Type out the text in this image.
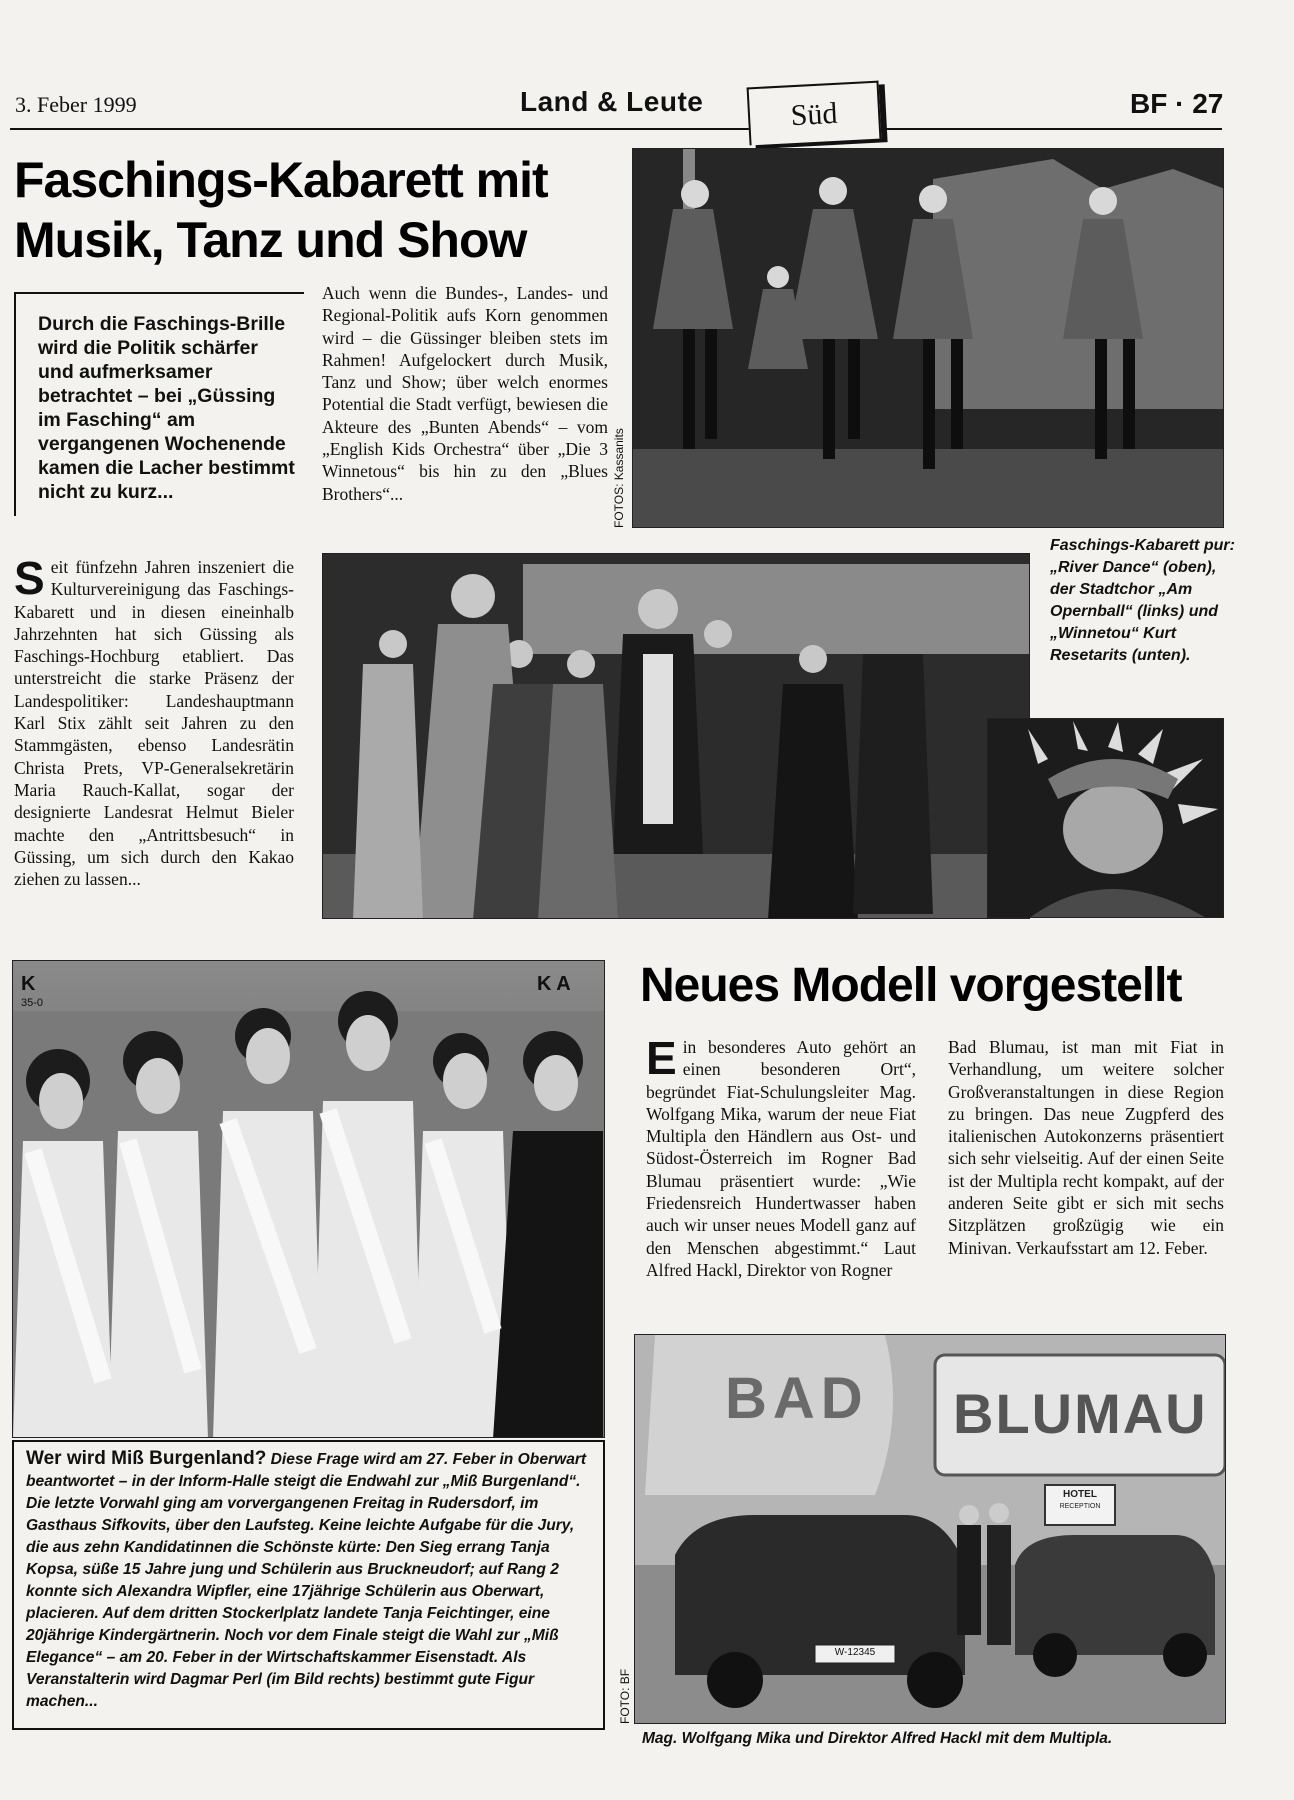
3. Feber 1999	Land & Leute	Süd	BF · 27
Faschings-Kabarett mit
Musik, Tanz und Show
Durch die Faschings-Brille wird die Politik schärfer und aufmerksamer betrachtet – bei „Güssing im Fasching“ am vergangenen Wochenende kamen die Lacher bestimmt nicht zu kurz...
Auch wenn die Bundes-, Landes- und Regional-Politik aufs Korn genommen wird – die Güssinger bleiben stets im Rahmen! Aufgelockert durch Musik, Tanz und Show; über welch enormes Potential die Stadt verfügt, bewiesen die Akteure des „Bunten Abends“ – vom „English Kids Orchestra“ über „Die 3 Winnetous“ bis hin zu den „Blues Brothers“...	FOTOS: Kassanits
Seit fünfzehn Jahren inszeniert die Kulturvereinigung das Faschings-Kabarett und in diesen eineinhalb Jahrzehnten hat sich Güssing als Faschings-Hochburg etabliert. Das unterstreicht die starke Präsenz der Landespolitiker: Landeshauptmann Karl Stix zählt seit Jahren zu den Stammgästen, ebenso Landesrätin Christa Prets, VP-Generalsekretärin Maria Rauch-Kallat, sogar der designierte Landesrat Helmut Bieler machte den „Antrittsbesuch“ in Güssing, um sich durch den Kakao ziehen zu lassen...
Faschings-Kabarett pur: „River Dance“ (oben), der Stadtchor „Am Opernball“ (links) und „Winnetou“ Kurt Resetarits (unten).
K
35-0
K A
Wer wird Miß Burgenland? Diese Frage wird am 27. Feber in Oberwart beantwortet – in der Inform-Halle steigt die Endwahl zur „Miß Burgenland“. Die letzte Vorwahl ging am vorvergangenen Freitag in Rudersdorf, im Gasthaus Sifkovits, über den Laufsteg. Keine leichte Aufgabe für die Jury, die aus zehn Kandidatinnen die Schönste kürte: Den Sieg errang Tanja Kopsa, süße 15 Jahre jung und Schülerin aus Bruckneudorf; auf Rang 2 konnte sich Alexandra Wipfler, eine 17jährige Schülerin aus Oberwart, placieren. Auf dem dritten Stockerlplatz landete Tanja Feichtinger, eine 20jährige Kindergärtnerin. Noch vor dem Finale steigt die Wahl zur „Miß Elegance“ – am 20. Feber in der Wirtschaftskammer Eisenstadt. Als Veranstalterin wird Dagmar Perl (im Bild rechts) bestimmt gute Figur machen...
Neues Modell vorgestellt
Ein besonderes Auto gehört an einen besonderen Ort“, begründet Fiat-Schulungsleiter Mag. Wolfgang Mika, warum der neue Fiat Multipla den Händlern aus Ost- und Südost-Österreich im Rogner Bad Blumau präsentiert wurde: „Wie Friedensreich Hundertwasser haben auch wir unser neues Modell ganz auf den Menschen abgestimmt.“ Laut Alfred Hackl, Direktor von Rogner
Bad Blumau, ist man mit Fiat in Verhandlung, um weitere solcher Großveranstaltungen in diese Region zu bringen. Das neue Zugpferd des italienischen Autokonzerns präsentiert sich sehr vielseitig. Auf der einen Seite ist der Multipla recht kompakt, auf der anderen Seite gibt er sich mit sechs Sitzplätzen großzügig wie ein Minivan. Verkaufsstart am 12. Feber.
BAD BLUMAU
HOTEL
RECEPTION
W-12345
FOTO: BF
Mag. Wolfgang Mika und Direktor Alfred Hackl mit dem Multipla.
